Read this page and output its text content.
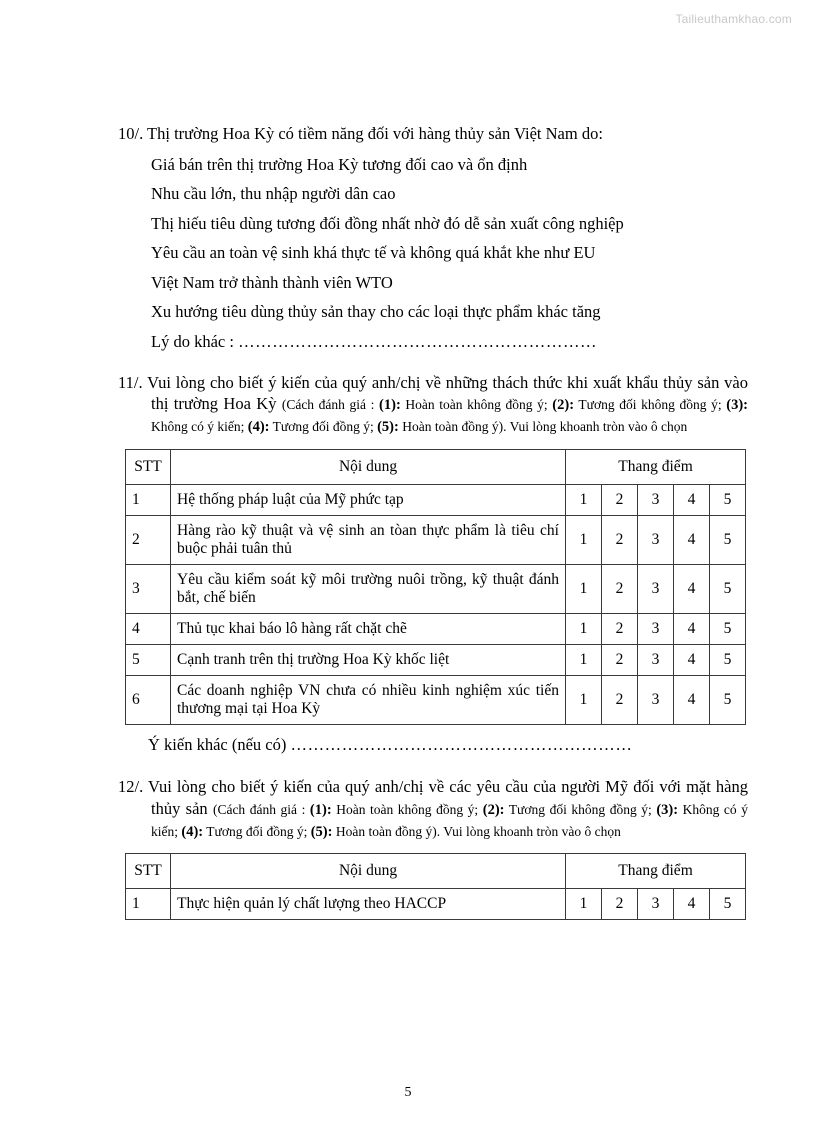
Tailieuthamkhao.com
10/. Thị trường Hoa Kỳ có tiềm năng đối với hàng thủy sản Việt Nam do:
Giá bán trên thị trường Hoa Kỳ tương đối cao và ổn định
Nhu cầu lớn, thu nhập người dân cao
Thị hiếu tiêu dùng tương đối đồng nhất nhờ đó dễ sản xuất công nghiệp
Yêu cầu an toàn vệ sinh khá thực tế và không quá khắt khe như EU
Việt Nam trở thành thành viên WTO
Xu hướng tiêu dùng thủy sản thay cho các loại thực phẩm khác tăng
Lý do khác : ………………………………………………………
11/. Vui lòng cho biết ý kiến của quý anh/chị về những thách thức khi xuất khẩu thủy sản vào thị trường Hoa Kỳ (Cách đánh giá : (1): Hoàn toàn không đồng ý; (2): Tương đối không đồng ý; (3): Không có ý kiến; (4): Tương đối đồng ý; (5): Hoàn toàn đồng ý). Vui lòng khoanh tròn vào ô chọn
STT	Nội dung	Thang điểm				
1	Hệ thống pháp luật của Mỹ phức tạp	1	2	3	4	5
2	Hàng rào kỹ thuật và vệ sinh an tòan thực phẩm là tiêu chí buộc phải tuân thủ	1	2	3	4	5
3	Yêu cầu kiểm soát kỹ môi trường nuôi trồng, kỹ thuật đánh bắt, chế biến	1	2	3	4	5
4	Thủ tục khai báo lô hàng rất chặt chẽ	1	2	3	4	5
5	Cạnh tranh trên thị trường Hoa Kỳ khốc liệt	1	2	3	4	5
6	Các doanh nghiệp VN chưa có nhiều kinh nghiệm xúc tiến thương mại tại Hoa Kỳ	1	2	3	4	5
Ý kiến khác (nếu có) ……………………………………………………
12/. Vui lòng cho biết ý kiến của quý anh/chị về các yêu cầu của người Mỹ đối với mặt hàng thủy sản (Cách đánh giá : (1): Hoàn toàn không đồng ý; (2): Tương đối không đồng ý; (3): Không có ý kiến; (4): Tương đối đồng ý; (5): Hoàn toàn đồng ý). Vui lòng khoanh tròn vào ô chọn
STT	Nội dung	Thang điểm				
1	Thực hiện quản lý chất lượng theo HACCP	1	2	3	4	5
5
